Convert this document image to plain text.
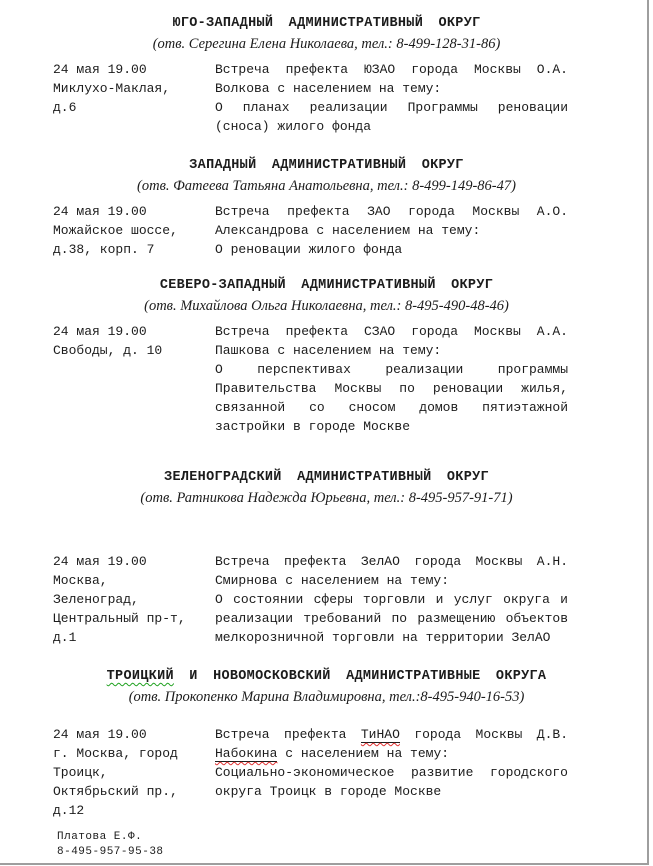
ЮГО-ЗАПАДНЫЙ АДМИНИСТРАТИВНЫЙ ОКРУГ

(отв. Серегина Елена Николаева, тел.: 8-499-128-31-86)

24 мая 19.00
Миклухо-Маклая,
д.6
Встреча префекта ЮЗАО города Москвы О.А.
Волкова с населением на тему:
О планах реализации Программы реновации
(сноса) жилого фонда
ЗАПАДНЫЙ АДМИНИСТРАТИВНЫЙ ОКРУГ

(отв. Фатеева Татьяна Анатольевна, тел.: 8-499-149-86-47)

24 мая 19.00
Можайское шоссе,
д.38, корп. 7
Встреча префекта ЗАО города Москвы А.О.
Александрова с населением на тему:
О реновации жилого фонда
СЕВЕРО-ЗАПАДНЫЙ АДМИНИСТРАТИВНЫЙ ОКРУГ

(отв. Михайлова Ольга Николаевна, тел.: 8-495-490-48-46)

24 мая 19.00
Свободы, д. 10
Встреча префекта СЗАО города Москвы А.А.
Пашкова с населением на тему:
О перспективах реализации программы
Правительства Москвы по реновации жилья,
связанной со сносом домов пятиэтажной
застройки в городе Москве
ЗЕЛЕНОГРАДСКИЙ АДМИНИСТРАТИВНЫЙ ОКРУГ

(отв. Ратникова Надежда Юрьевна, тел.: 8-495-957-91-71)

24 мая 19.00
Москва,
Зеленоград,
Центральный пр-т,
д.1
Встреча префекта ЗелАО города Москвы А.Н.
Смирнова с населением на тему:
О состоянии сферы торговли и услуг округа и
реализации требований по размещению объектов
мелкорозничной торговли на территории ЗелАО
ТРОИЦКИЙ И НОВОМОСКОВСКИЙ АДМИНИСТРАТИВНЫЕ ОКРУГА

(отв. Прокопенко Марина Владимировна, тел.:8-495-940-16-53)

24 мая 19.00
г. Москва, город
Троицк,
Октябрьский пр.,
д.12
Встреча префекта ТиНАО города Москвы Д.В.
Набокина с населением на тему:
Социально-экономическое развитие городского
округа Троицк в городе Москве
Платова Е.Ф.
8-495-957-95-38
